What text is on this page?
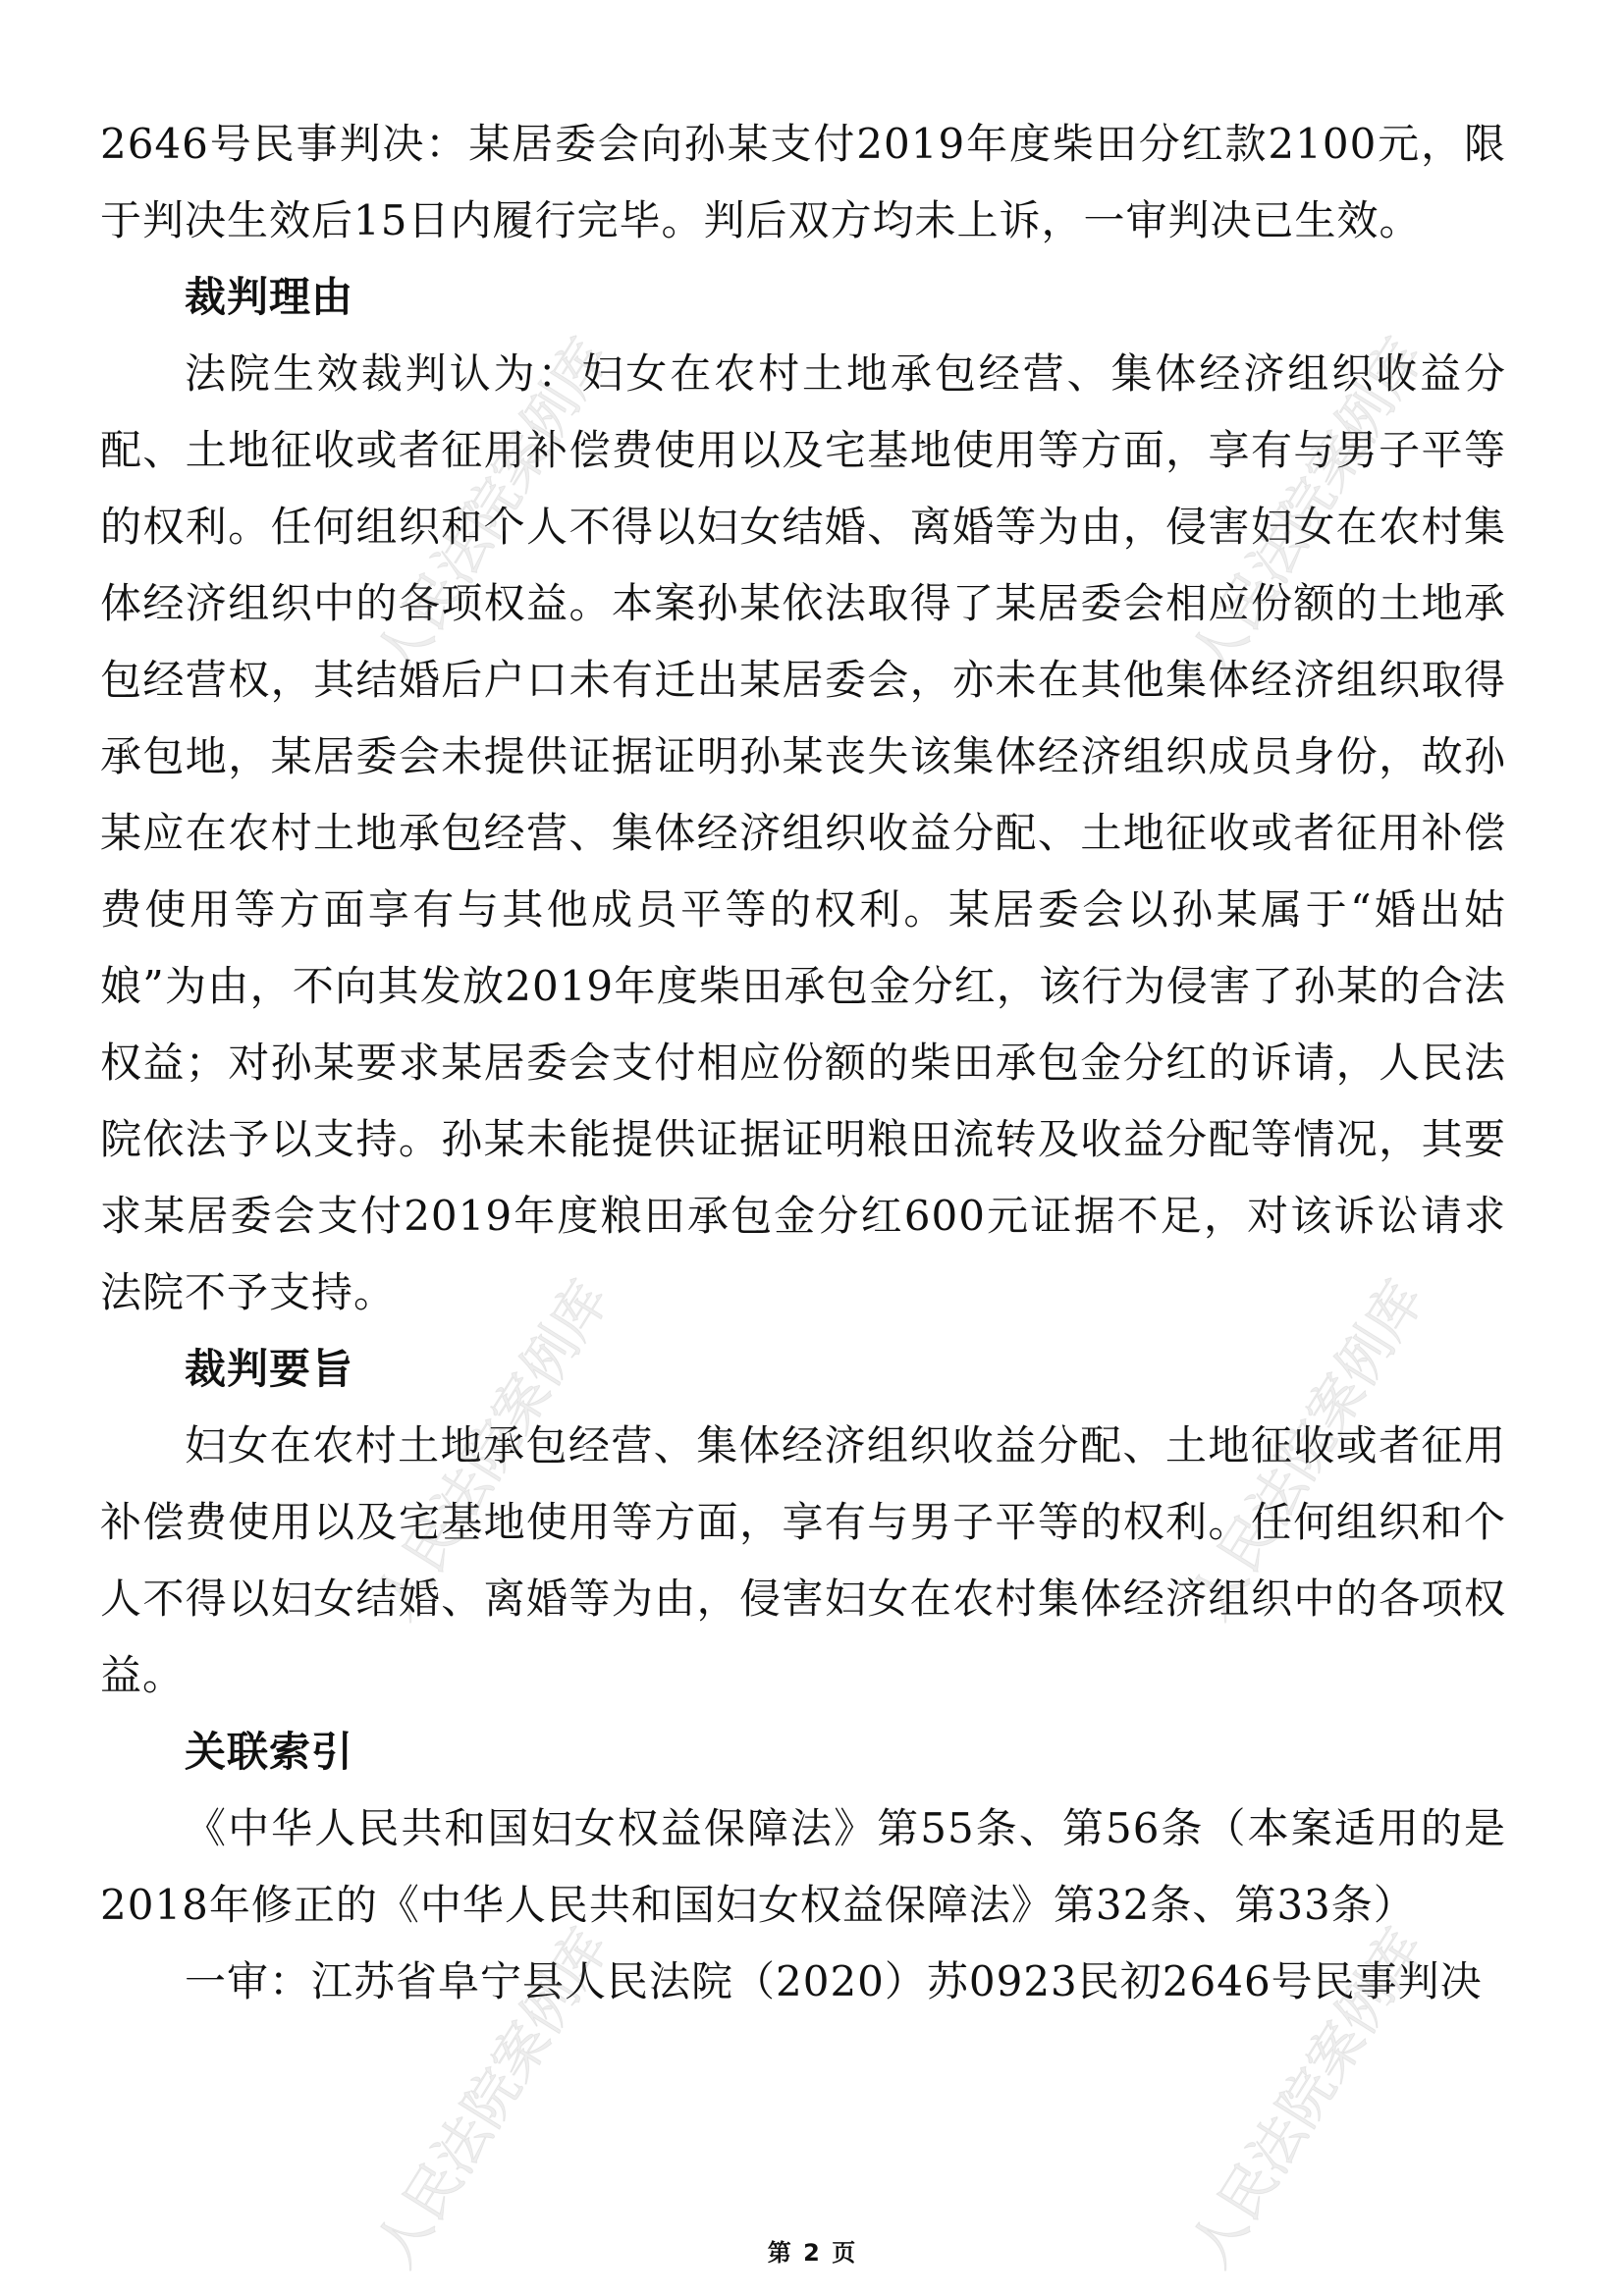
2646号民事判决：某居委会向孙某支付2019年度柴田分红款2100元，限于判决生效后15日内履行完毕。判后双方均未上诉，一审判决已生效。

裁判理由

法院生效裁判认为：妇女在农村土地承包经营、集体经济组织收益分配、土地征收或者征用补偿费使用以及宅基地使用等方面，享有与男子平等的权利。任何组织和个人不得以妇女结婚、离婚等为由，侵害妇女在农村集体经济组织中的各项权益。本案孙某依法取得了某居委会相应份额的土地承包经营权，其结婚后户口未有迁出某居委会，亦未在其他集体经济组织取得承包地，某居委会未提供证据证明孙某丧失该集体经济组织成员身份，故孙某应在农村土地承包经营、集体经济组织收益分配、土地征收或者征用补偿费使用等方面享有与其他成员平等的权利。某居委会以孙某属于“婚出姑娘”为由，不向其发放2019年度柴田承包金分红，该行为侵害了孙某的合法权益；对孙某要求某居委会支付相应份额的柴田承包金分红的诉请，人民法院依法予以支持。孙某未能提供证据证明粮田流转及收益分配等情况，其要求某居委会支付2019年度粮田承包金分红600元证据不足，对该诉讼请求法院不予支持。

裁判要旨

妇女在农村土地承包经营、集体经济组织收益分配、土地征收或者征用补偿费使用以及宅基地使用等方面，享有与男子平等的权利。任何组织和个人不得以妇女结婚、离婚等为由，侵害妇女在农村集体经济组织中的各项权益。

关联索引

《中华人民共和国妇女权益保障法》第55条、第56条（本案适用的是2018年修正的《中华人民共和国妇女权益保障法》第32条、第33条）

一审：江苏省阜宁县人民法院（2020）苏0923民初2646号民事判决

人民法院案例库	人民法院案例库
人民法院案例库	人民法院案例库
人民法院案例库	人民法院案例库
第 2 页
